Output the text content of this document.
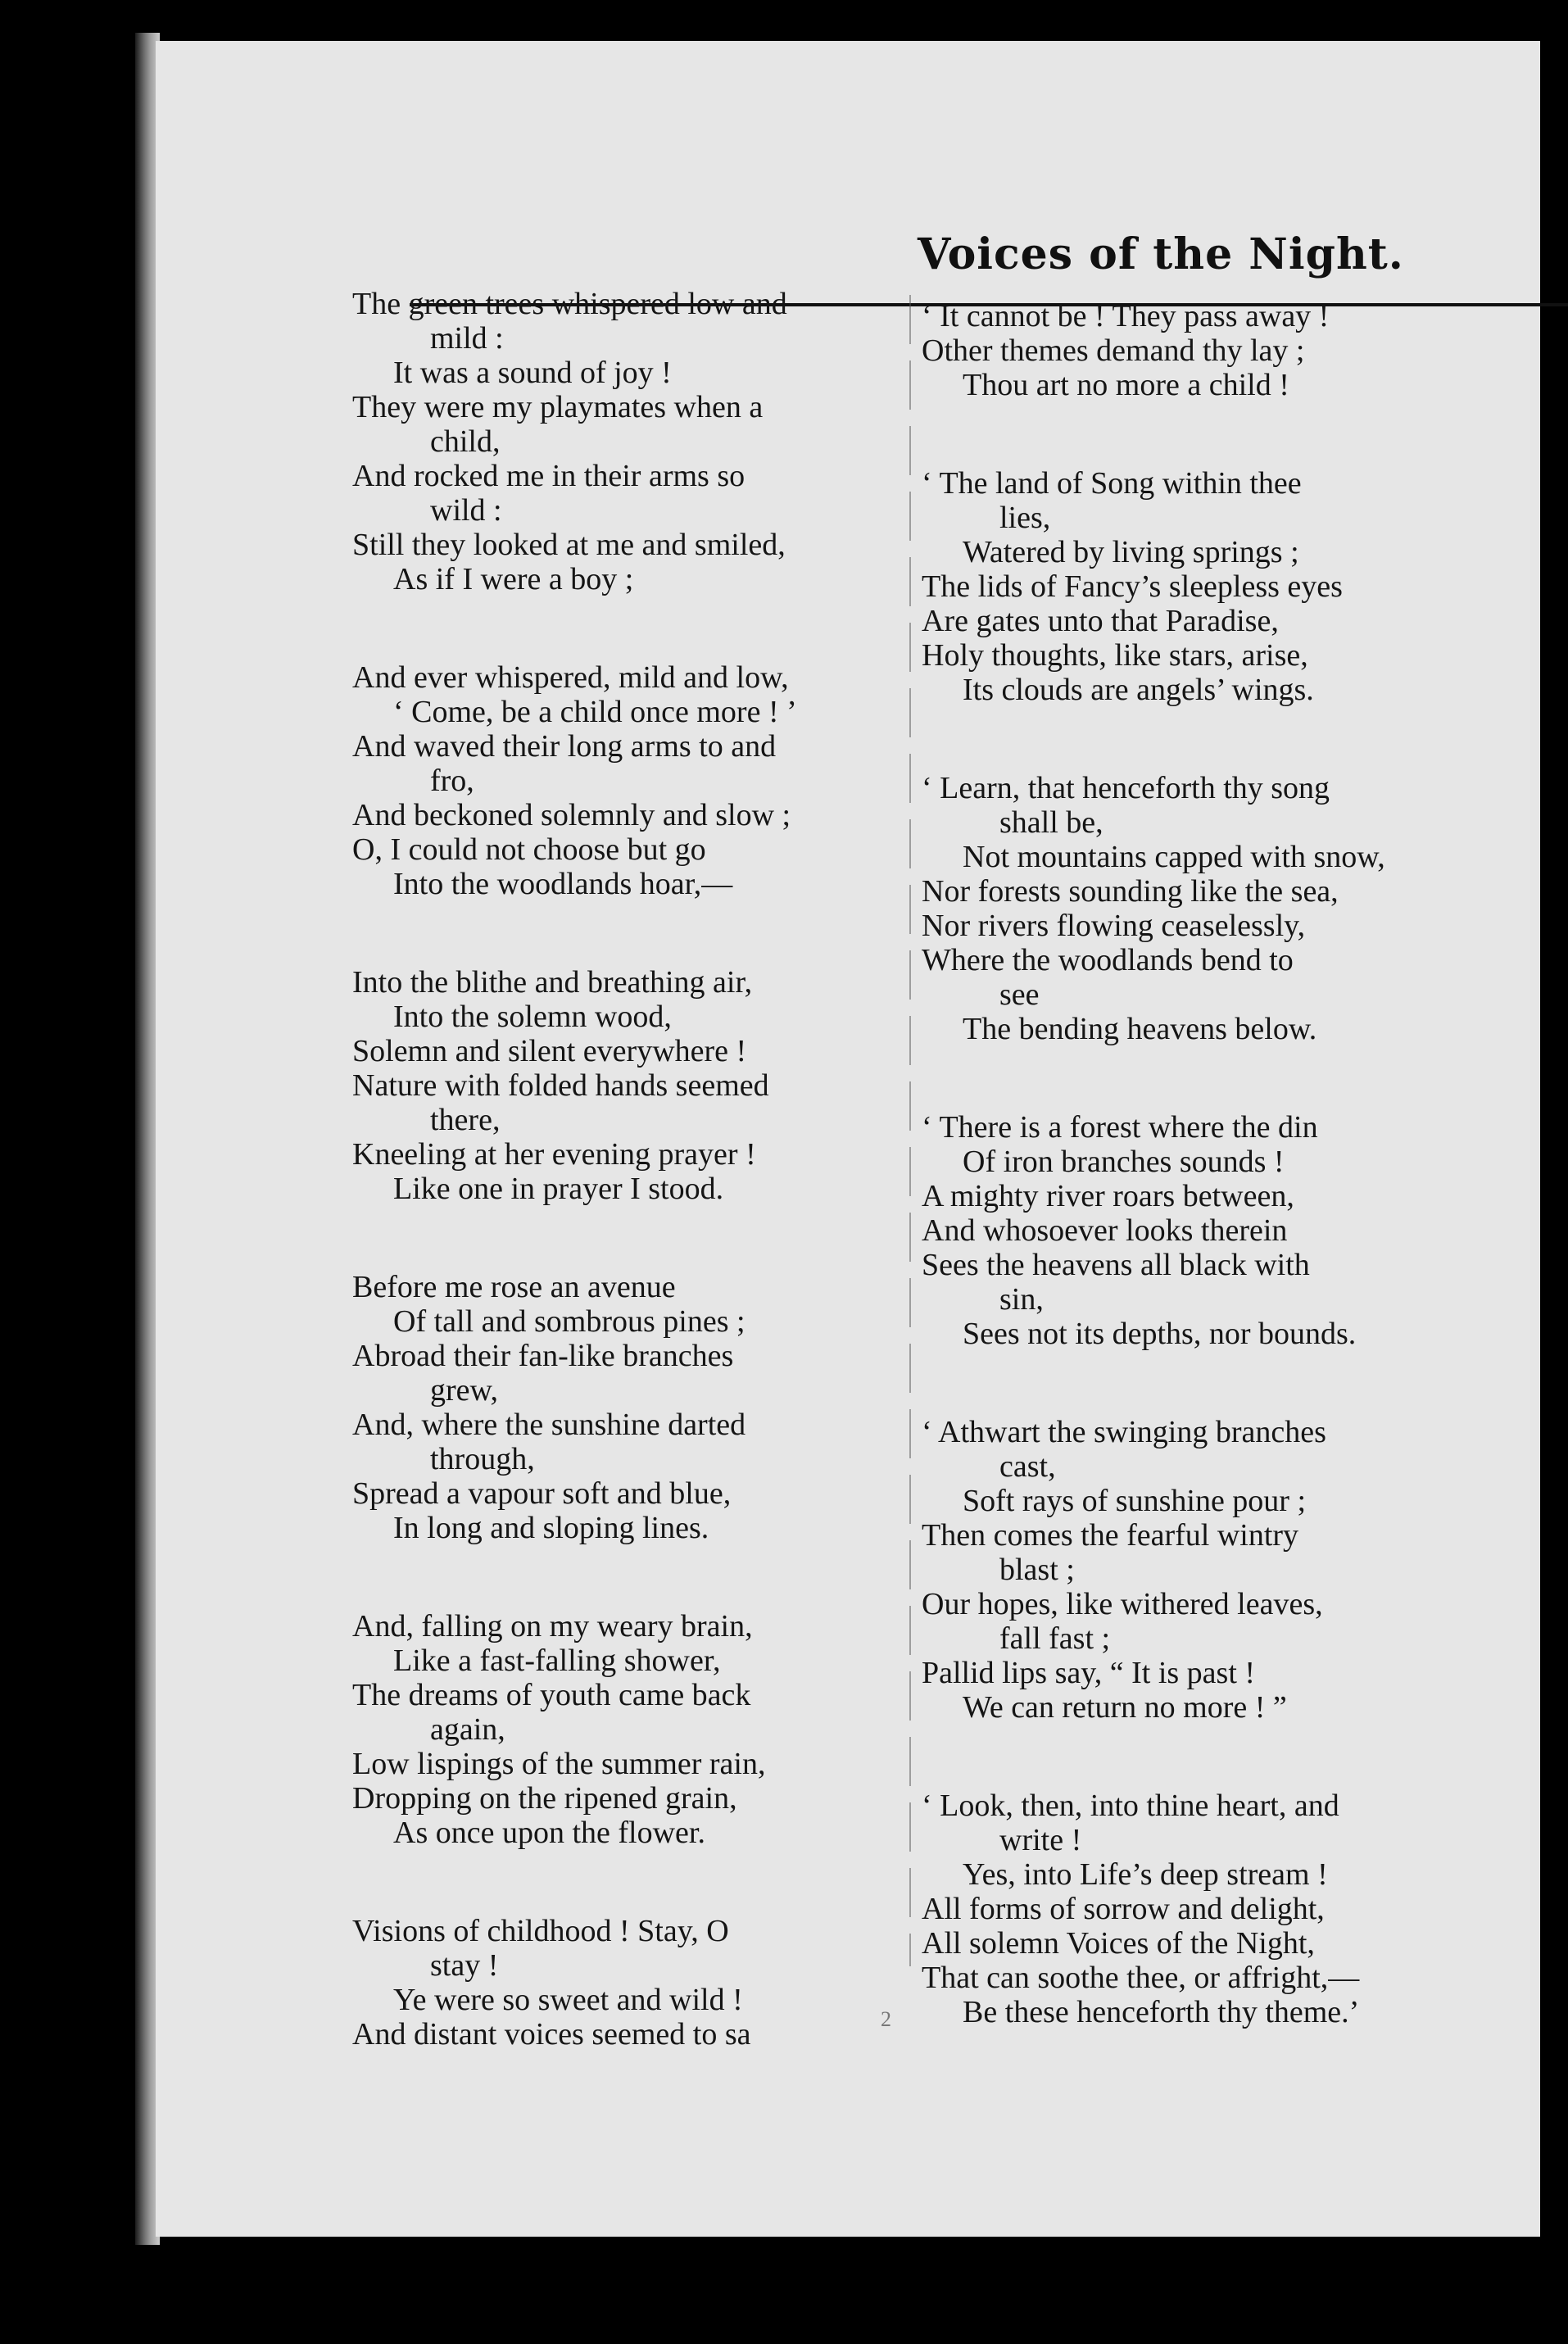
Voices of the Night.
The green trees whispered low and
mild :
It was a sound of joy !
They were my playmates when a
child,
And rocked me in their arms so
wild :
Still they looked at me and smiled,
As if I were a boy ;
And ever whispered, mild and low,
‘ Come, be a child once more ! ’
And waved their long arms to and
fro,
And beckoned solemnly and slow ;
O, I could not choose but go
Into the woodlands hoar,—
Into the blithe and breathing air,
Into the solemn wood,
Solemn and silent everywhere !
Nature with folded hands seemed
there,
Kneeling at her evening prayer !
Like one in prayer I stood.
Before me rose an avenue
Of tall and sombrous pines ;
Abroad their fan-like branches
grew,
And, where the sunshine darted
through,
Spread a vapour soft and blue,
In long and sloping lines.
And, falling on my weary brain,
Like a fast-falling shower,
The dreams of youth came back
again,
Low lispings of the summer rain,
Dropping on the ripened grain,
As once upon the flower.
Visions of childhood ! Stay, O
stay !
Ye were so sweet and wild !
And distant voices seemed to sa
‘ It cannot be ! They pass away !
Other themes demand thy lay ;
Thou art no more a child !
‘ The land of Song within thee
lies,
Watered by living springs ;
The lids of Fancy’s sleepless eyes
Are gates unto that Paradise,
Holy thoughts, like stars, arise,
Its clouds are angels’ wings.
‘ Learn, that henceforth thy song
shall be,
Not mountains capped with snow,
Nor forests sounding like the sea,
Nor rivers flowing ceaselessly,
Where the woodlands bend to
see
The bending heavens below.
‘ There is a forest where the din
Of iron branches sounds !
A mighty river roars between,
And whosoever looks therein
Sees the heavens all black with
sin,
Sees not its depths, nor bounds.
‘ Athwart the swinging branches
cast,
Soft rays of sunshine pour ;
Then comes the fearful wintry
blast ;
Our hopes, like withered leaves,
fall fast ;
Pallid lips say, “ It is past !
We can return no more ! ”
‘ Look, then, into thine heart, and
write !
Yes, into Life’s deep stream !
All forms of sorrow and delight,
All solemn Voices of the Night,
That can soothe thee, or affright,—
Be these henceforth thy theme.’
2
